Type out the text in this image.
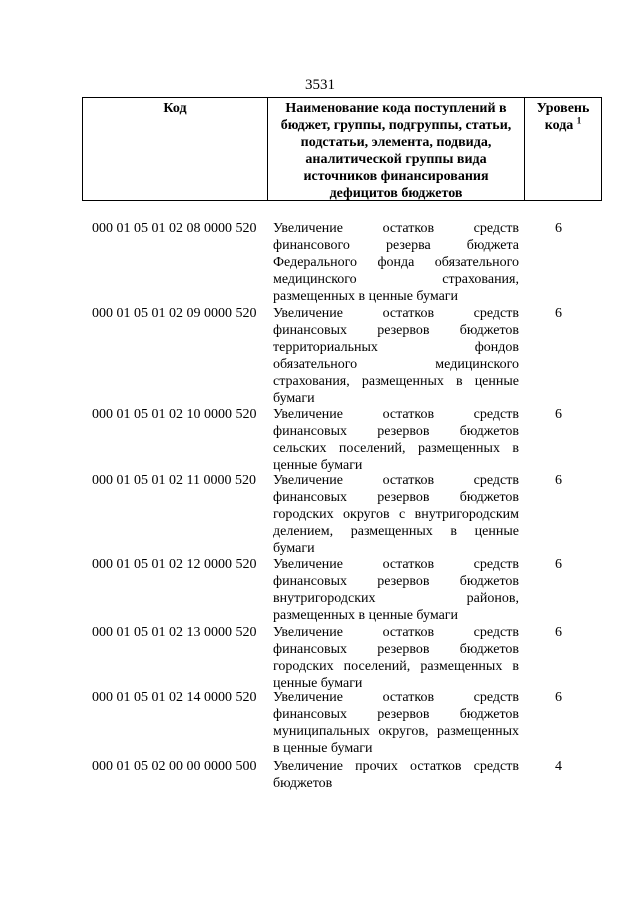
3531
Код	Наименование кода поступлений в
бюджет, группы, подгруппы, статьи,
подстатьи, элемента, подвида,
аналитической группы вида
источников финансирования
дефицитов бюджетов
Уровень
кода $^1$
000 01 05 01 02 08 0000 520 Увеличение остатков средств
финансового резерва бюджета
Федерального фонда обязательного
медицинского страхования,
размещенных в ценные бумаги
6
000 01 05 01 02 09 0000 520 Увеличение остатков средств
финансовых резервов бюджетов
территориальных фондов
обязательного медицинского
страхования, размещенных в ценные
бумаги
6
000 01 05 01 02 10 0000 520 Увеличение остатков средств
финансовых резервов бюджетов
сельских поселений, размещенных в
ценные бумаги
6
000 01 05 01 02 11 0000 520 Увеличение остатков средств
финансовых резервов бюджетов
городских округов с внутригородским
делением, размещенных в ценные
бумаги
6
000 01 05 01 02 12 0000 520 Увеличение остатков средств
финансовых резервов бюджетов
внутригородских районов,
размещенных в ценные бумаги
6
000 01 05 01 02 13 0000 520 Увеличение остатков средств
финансовых резервов бюджетов
городских поселений, размещенных в
ценные бумаги
6
000 01 05 01 02 14 0000 520 Увеличение остатков средств
финансовых резервов бюджетов
муниципальных округов, размещенных
в ценные бумаги
6
000 01 05 02 00 00 0000 500 Увеличение прочих остатков средств
бюджетов
4
